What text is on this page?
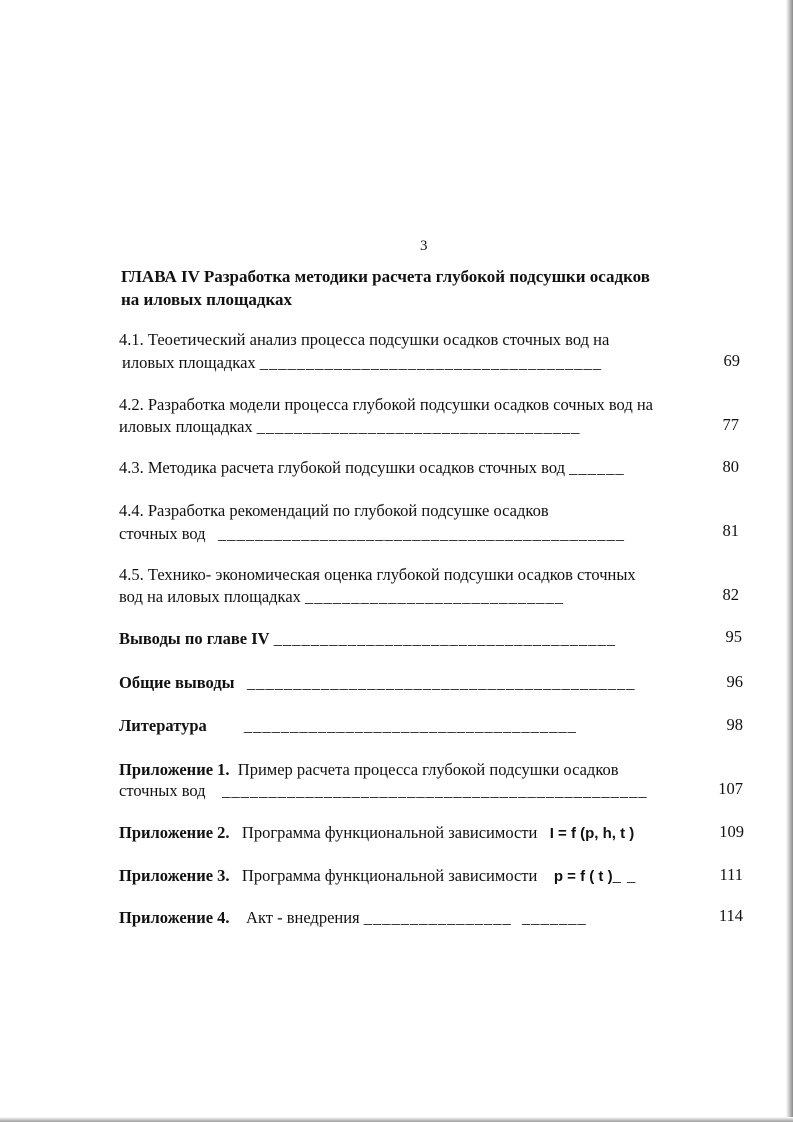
3
ГЛАВА IV Разработка методики расчета глубокой подсушки осадков
на иловых площадках
4.1. Теоетический анализ процесса подсушки осадков сточных вод на
иловых площадках _____________________________________	69
4.2. Разработка модели процесса глубокой подсушки осадков сочных вод на
иловых площадках ___________________________________	77
4.3. Методика расчета глубокой подсушки осадков сточных вод ______	80
4.4. Разработка рекомендаций по глубокой подсушке осадков
сточных вод ____________________________________________	81
4.5. Технико- экономическая оценка глубокой подсушки осадков сточных
вод на иловых площадках ____________________________	82
Выводы по главе IV _____________________________________	95
Общие выводы __________________________________________	96
Литература ____________________________________	98
Приложение 1. Пример расчета процесса глубокой подсушки осадков
сточных вод ______________________________________________	107
Приложение 2. Программа функциональной зависимости I = f (p, h, t )	109
Приложение 3. Программа функциональной зависимости p = f ( t )_ _	111
Приложение 4. Акт - внедрения ________________  _______	114
